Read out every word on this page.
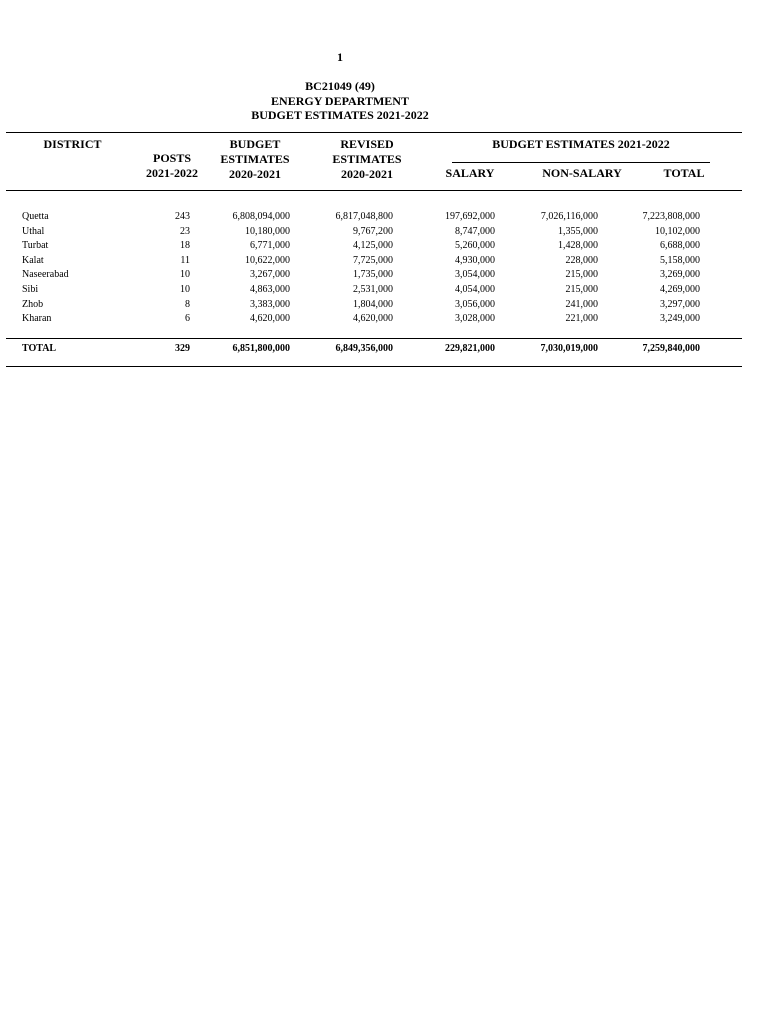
1
BC21049 (49)
ENERGY DEPARTMENT
BUDGET ESTIMATES 2021-2022
DISTRICT
POSTS
2021-2022
BUDGET
ESTIMATES
2020-2021
REVISED
ESTIMATES
2020-2021
BUDGET ESTIMATES 2021-2022
SALARY	NON-SALARY	TOTAL
Quetta	243	6,808,094,000	6,817,048,800	197,692,000	7,026,116,000	7,223,808,000
Uthal	23	10,180,000	9,767,200	8,747,000	1,355,000	10,102,000
Turbat	18	6,771,000	4,125,000	5,260,000	1,428,000	6,688,000
Kalat	11	10,622,000	7,725,000	4,930,000	228,000	5,158,000
Naseerabad	10	3,267,000	1,735,000	3,054,000	215,000	3,269,000
Sibi	10	4,863,000	2,531,000	4,054,000	215,000	4,269,000
Zhob	8	3,383,000	1,804,000	3,056,000	241,000	3,297,000
Kharan	6	4,620,000	4,620,000	3,028,000	221,000	3,249,000
TOTAL	329	6,851,800,000	6,849,356,000	229,821,000	7,030,019,000	7,259,840,000
